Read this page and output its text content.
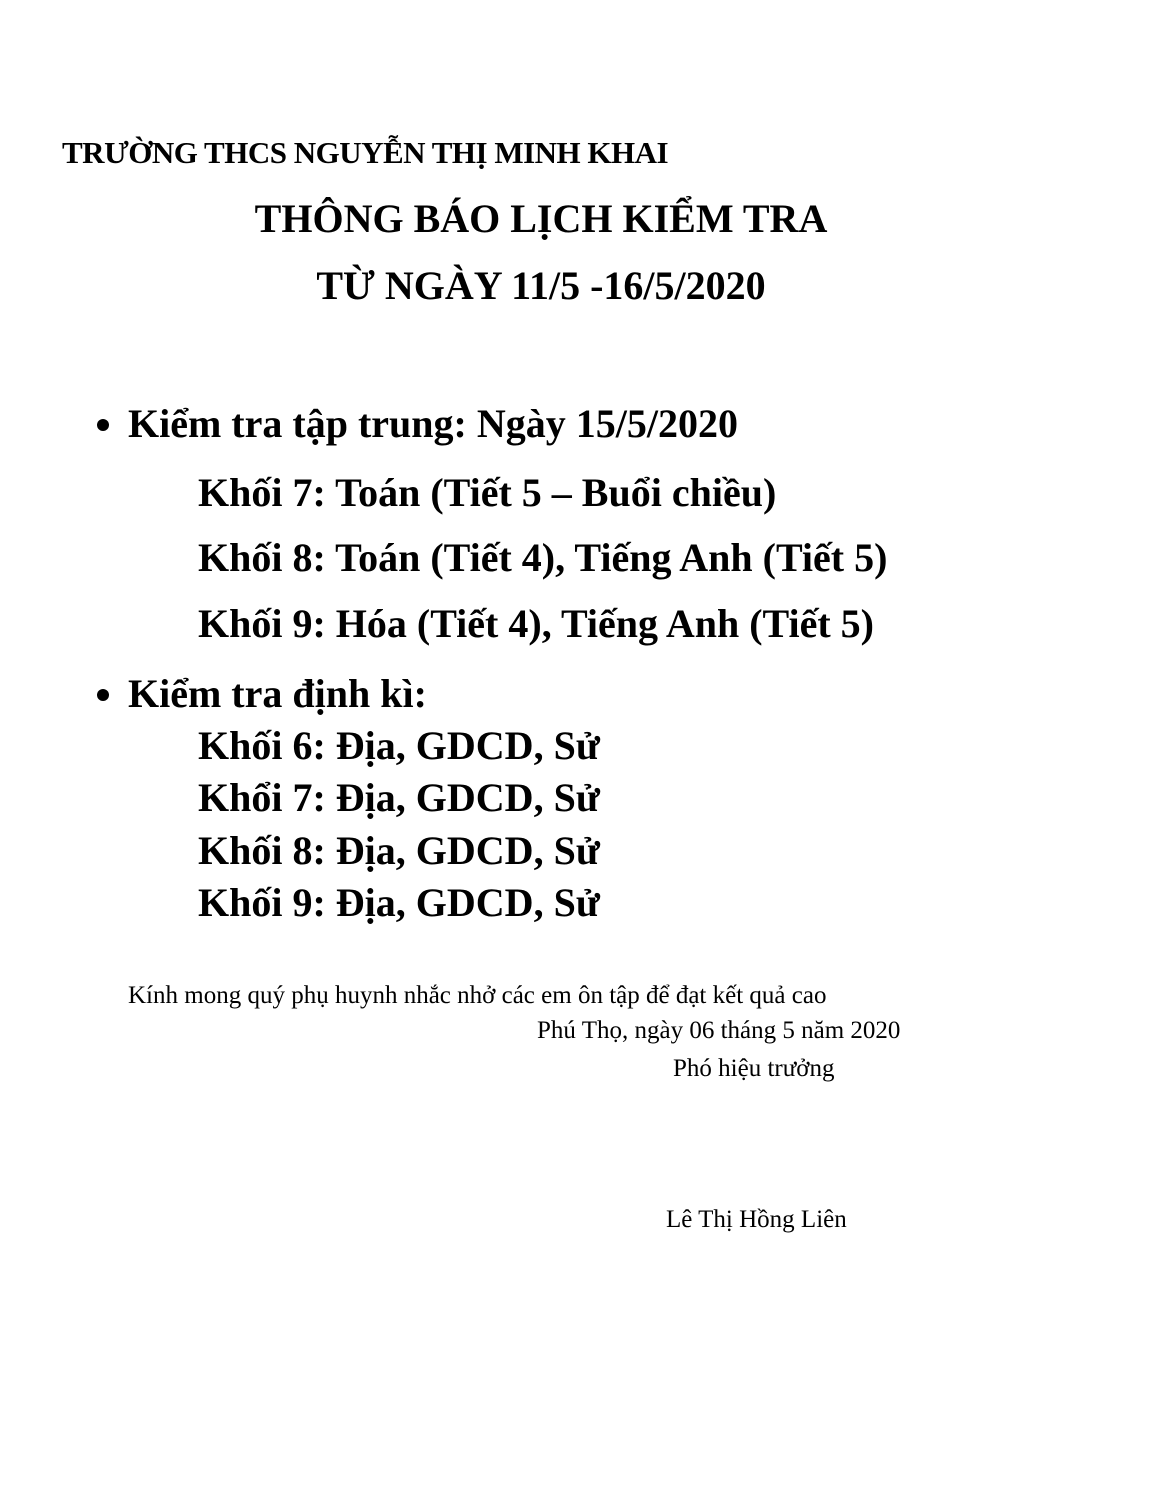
TRƯỜNG THCS NGUYỄN THỊ MINH KHAI
THÔNG BÁO LỊCH KIỂM TRA
TỪ NGÀY 11/5 -16/5/2020
Kiểm tra tập trung: Ngày 15/5/2020
Khối 7: Toán (Tiết 5 – Buổi chiều)
Khối 8: Toán (Tiết 4), Tiếng Anh (Tiết 5)
Khối 9: Hóa (Tiết 4), Tiếng Anh (Tiết 5)
Kiểm tra định kì:
Khối 6: Địa, GDCD, Sử
Khổi 7: Địa, GDCD, Sử
Khối 8: Địa, GDCD, Sử
Khối 9: Địa, GDCD, Sử
Kính mong quý phụ huynh nhắc nhở các em ôn tập để đạt kết quả cao
Phú Thọ, ngày 06 tháng 5 năm 2020
Phó hiệu trưởng
Lê Thị Hồng Liên
